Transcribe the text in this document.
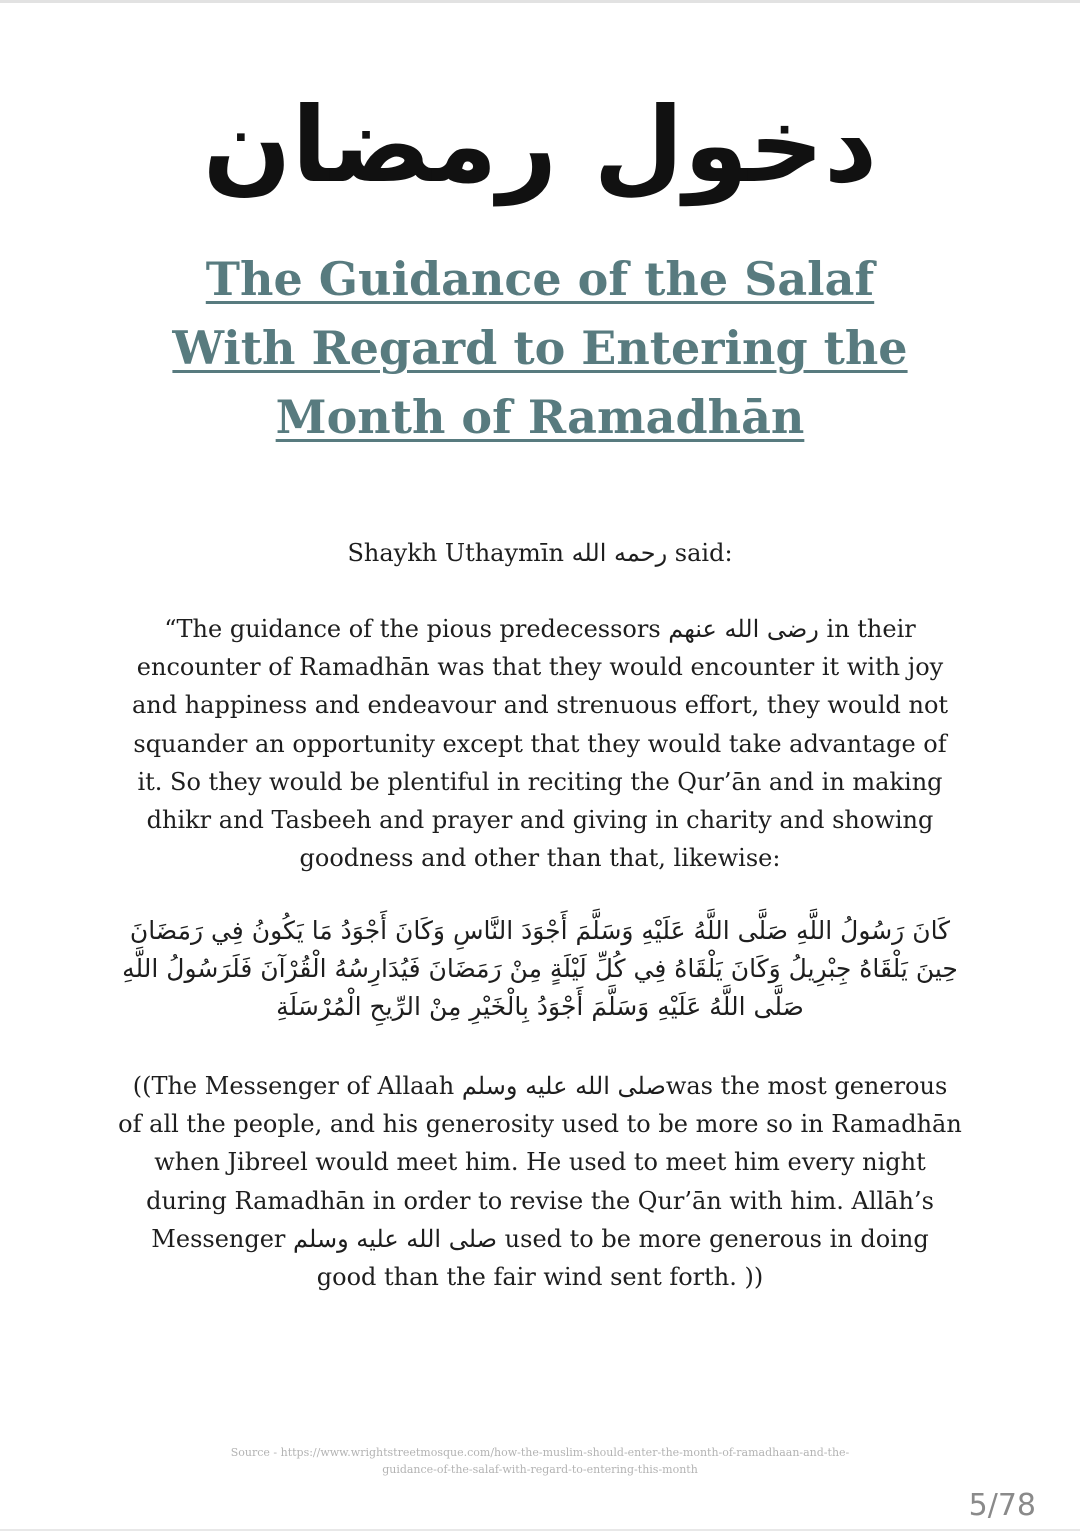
دخول رمضان
The Guidance of the Salaf With Regard to Entering the Month of Ramadhān
Shaykh Uthaymīn رحمه الله said:
“The guidance of the pious predecessors رضى الله عنهم in their encounter of Ramadhān was that they would encounter it with joy and happiness and endeavour and strenuous effort, they would not squander an opportunity except that they would take advantage of it. So they would be plentiful in reciting the Qur’ān and in making dhikr and Tasbeeh and prayer and giving in charity and showing goodness and other than that, likewise:
كَانَ رَسُولُ اللَّهِ صَلَّى اللَّهُ عَلَيْهِ وَسَلَّمَ أَجْوَدَ النَّاسِ وَكَانَ أَجْوَدُ مَا يَكُونُ فِي رَمَضَانَ حِينَ يَلْقَاهُ جِبْرِيلُ وَكَانَ يَلْقَاهُ فِي كُلِّ لَيْلَةٍ مِنْ رَمَضَانَ فَيُدَارِسُهُ الْقُرْآنَ فَلَرَسُولُ اللَّهِ صَلَّى اللَّهُ عَلَيْهِ وَسَلَّمَ أَجْوَدُ بِالْخَيْرِ مِنْ الرِّيحِ الْمُرْسَلَةِ
((The Messenger of Allaah صلى الله عليه وسلمwas the most generous of all the people, and his generosity used to be more so in Ramadhān when Jibreel would meet him. He used to meet him every night during Ramadhān in order to revise the Qur’ān with him. Allāh’s Messenger صلى الله عليه وسلم used to be more generous in doing good than the fair wind sent forth. ))
Source - https://www.wrightstreetmosque.com/how-the-muslim-should-enter-the-month-of-ramadhaan-and-the-guidance-of-the-salaf-with-regard-to-entering-this-month
5/78
